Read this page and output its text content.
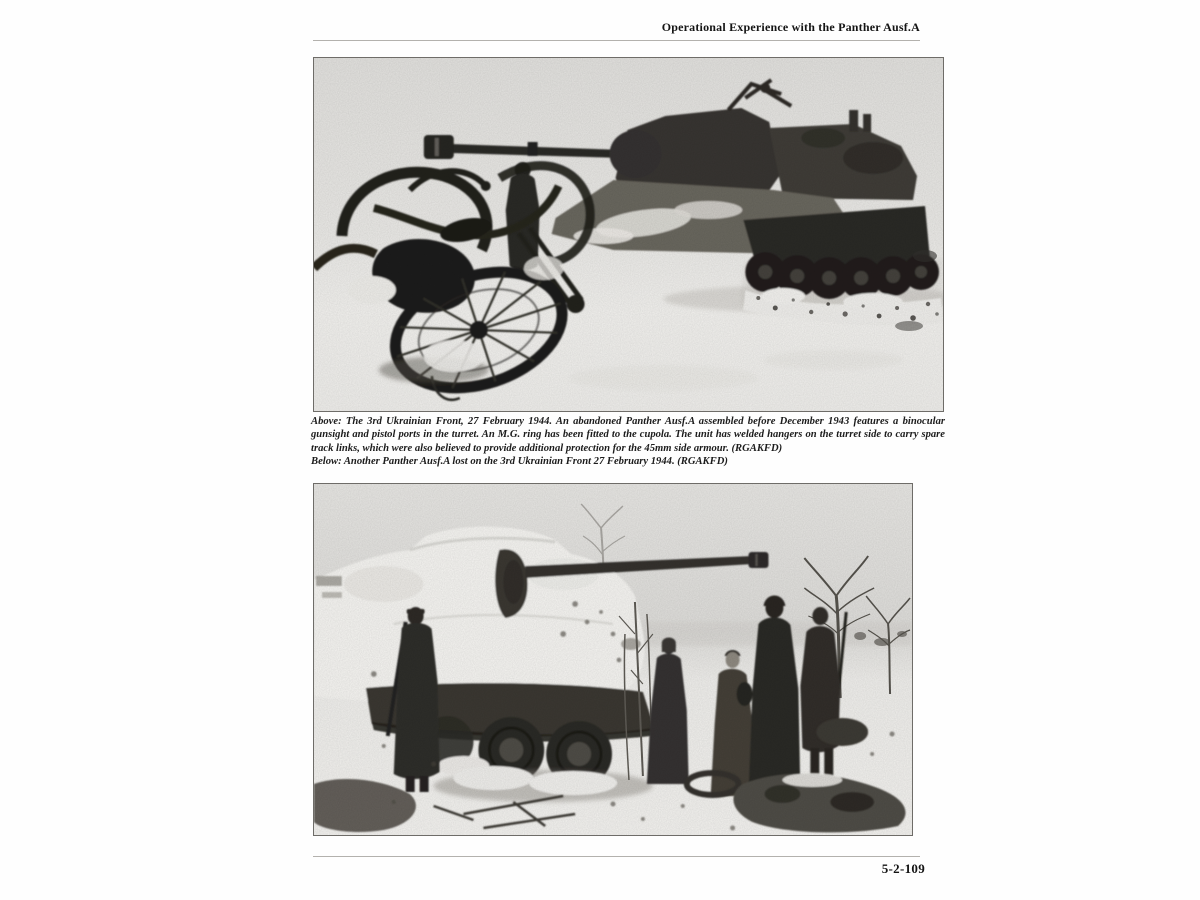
Operational Experience with the Panther Ausf.A

Above: The 3rd Ukrainian Front, 27 February 1944. An abandoned Panther Ausf.A assembled before December 1943 features a binocular gunsight and pistol ports in the turret. An M.G. ring has been fitted to the cupola. The unit has welded hangers on the turret side to carry spare track links, which were also believed to provide additional protection for the 45mm side armour. (RGAKFD)

Below: Another Panther Ausf.A lost on the 3rd Ukrainian Front 27 February 1944. (RGAKFD)

5-2-109
